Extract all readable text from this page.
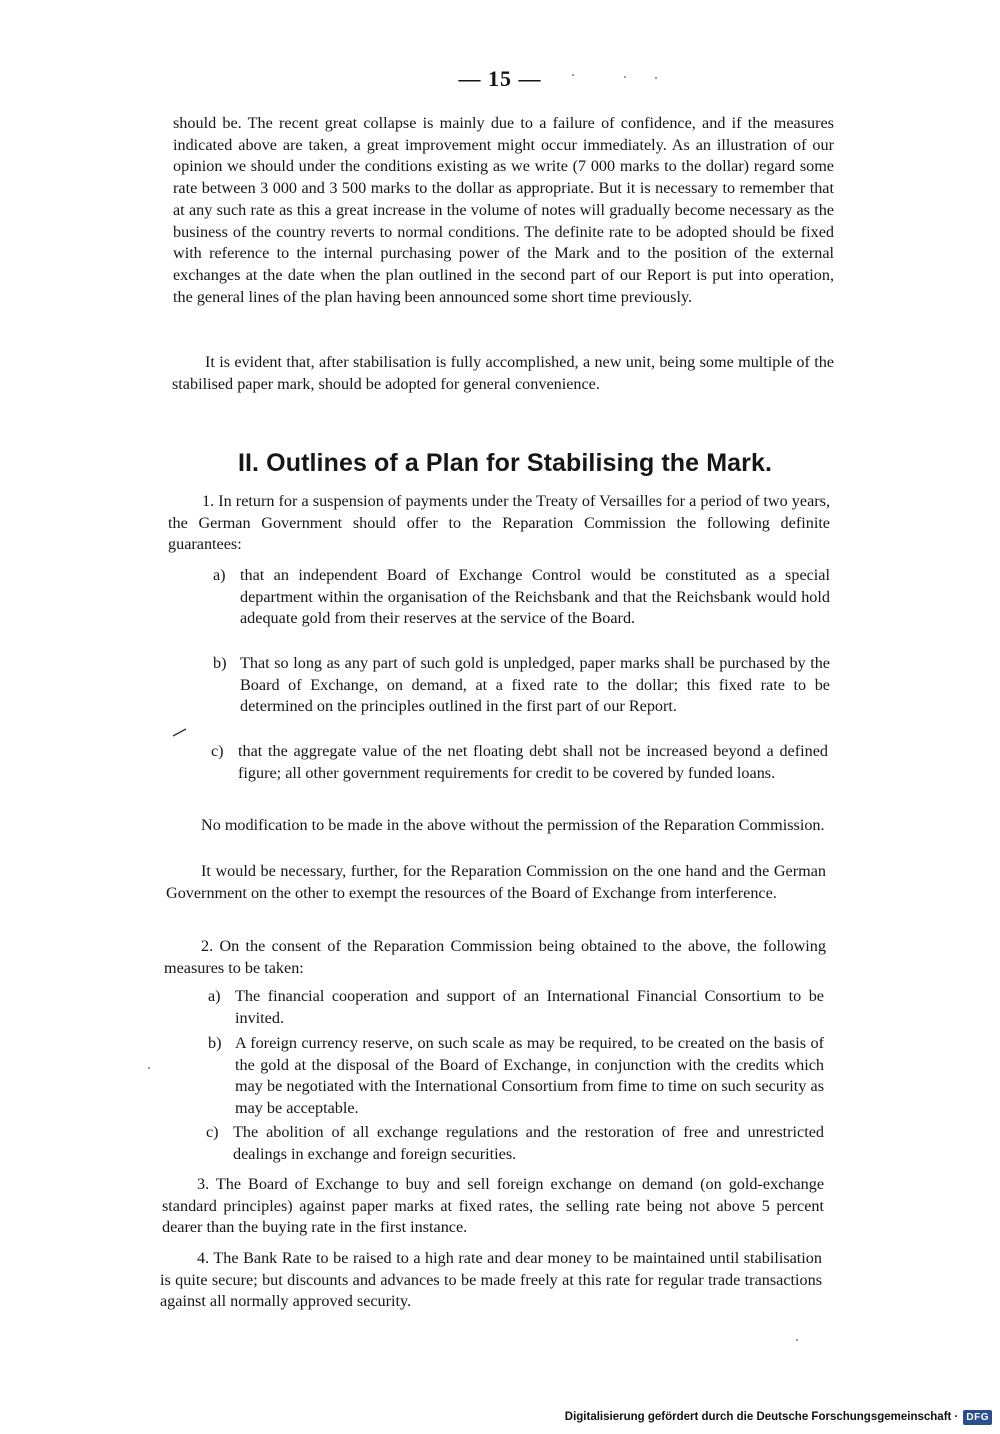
— 15 —

should be. The recent great collapse is mainly due to a failure of confidence, and if the measures indicated above are taken, a great improvement might occur immediately. As an illustration of our opinion we should under the conditions existing as we write (7 000 marks to the dollar) regard some rate between 3 000 and 3 500 marks to the dollar as appropriate. But it is necessary to remember that at any such rate as this a great increase in the volume of notes will gradually become necessary as the business of the country reverts to normal conditions. The definite rate to be adopted should be fixed with reference to the internal purchasing power of the Mark and to the position of the external exchanges at the date when the plan outlined in the second part of our Report is put into operation, the general lines of the plan having been announced some short time previously.

It is evident that, after stabilisation is fully accomplished, a new unit, being some multiple of the stabilised paper mark, should be adopted for general convenience.

II. Outlines of a Plan for Stabilising the Mark.

1. In return for a suspension of payments under the Treaty of Versailles for a period of two years, the German Government should offer to the Reparation Commission the following definite guarantees:

a) that an independent Board of Exchange Control would be constituted as a special department within the organisation of the Reichsbank and that the Reichsbank would hold adequate gold from their reserves at the service of the Board.
b) That so long as any part of such gold is unpledged, paper marks shall be purchased by the Board of Exchange, on demand, at a fixed rate to the dollar; this fixed rate to be determined on the principles outlined in the first part of our Report.
c) that the aggregate value of the net floating debt shall not be increased beyond a defined figure; all other government requirements for credit to be covered by funded loans.

No modification to be made in the above without the permission of the Reparation Commission.

It would be necessary, further, for the Reparation Commission on the one hand and the German Government on the other to exempt the resources of the Board of Exchange from interference.

2. On the consent of the Reparation Commission being obtained to the above, the following measures to be taken:

a) The financial cooperation and support of an International Financial Consortium to be invited.
b) A foreign currency reserve, on such scale as may be required, to be created on the basis of the gold at the disposal of the Board of Exchange, in conjunction with the credits which may be negotiated with the International Consortium from fime to time on such security as may be acceptable.
c) The abolition of all exchange regulations and the restoration of free and unrestricted dealings in exchange and foreign securities.

3. The Board of Exchange to buy and sell foreign exchange on demand (on gold-exchange standard principles) against paper marks at fixed rates, the selling rate being not above 5 percent dearer than the buying rate in the first instance.

4. The Bank Rate to be raised to a high rate and dear money to be maintained until stabilisation is quite secure; but discounts and advances to be made freely at this rate for regular trade transactions against all normally approved security.

Digitalisierung gefördert durch die Deutsche Forschungsgemeinschaft · DFG
